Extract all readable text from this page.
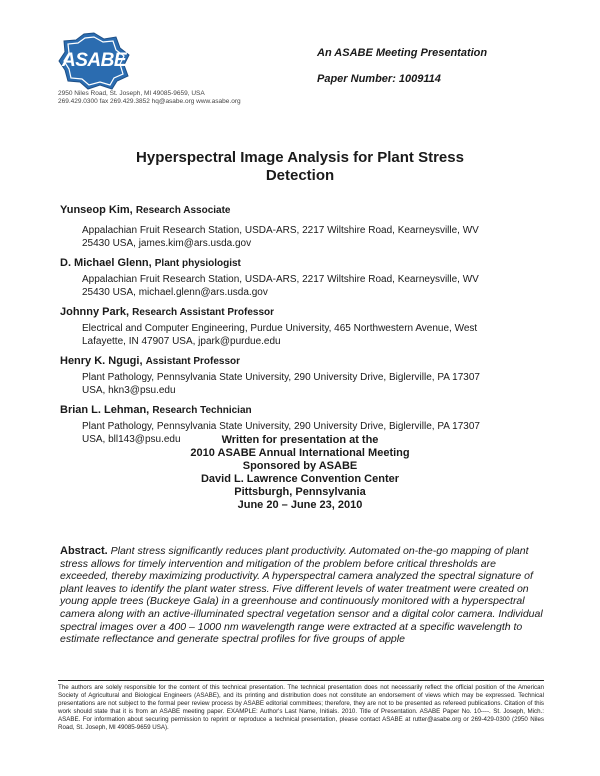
ASABE
2950 Niles Road, St. Joseph, MI 49085-9659, USA
269.429.0300 fax 269.429.3852 hq@asabe.org www.asabe.org
An ASABE Meeting Presentation
Paper Number: 1009114
Hyperspectral Image Analysis for Plant Stress
Detection
Yunseop Kim, Research Associate
Appalachian Fruit Research Station, USDA-ARS, 2217 Wiltshire Road, Kearneysville, WV
25430 USA, james.kim@ars.usda.gov
D. Michael Glenn, Plant physiologist
Appalachian Fruit Research Station, USDA-ARS, 2217 Wiltshire Road, Kearneysville, WV
25430 USA, michael.glenn@ars.usda.gov
Johnny Park, Research Assistant Professor
Electrical and Computer Engineering, Purdue University, 465 Northwestern Avenue, West
Lafayette, IN 47907 USA, jpark@purdue.edu
Henry K. Ngugi, Assistant Professor
Plant Pathology, Pennsylvania State University, 290 University Drive, Biglerville, PA 17307
USA, hkn3@psu.edu
Brian L. Lehman, Research Technician
Plant Pathology, Pennsylvania State University, 290 University Drive, Biglerville, PA 17307
USA, bll143@psu.edu	Written for presentation at the
2010 ASABE Annual International Meeting
Sponsored by ASABE
David L. Lawrence Convention Center
Pittsburgh, Pennsylvania
June 20 – June 23, 2010
Abstract. Plant stress significantly reduces plant productivity. Automated on-the-go mapping of plant stress allows for timely intervention and mitigation of the problem before critical thresholds are exceeded, thereby maximizing productivity. A hyperspectral camera analyzed the spectral signature of plant leaves to identify the plant water stress. Five different levels of water treatment were created on young apple trees (Buckeye Gala) in a greenhouse and continuously monitored with a hyperspectral camera along with an active-illuminated spectral vegetation sensor and a digital color camera. Individual spectral images over a 400 – 1000 nm wavelength range were extracted at a specific wavelength to estimate reflectance and generate spectral profiles for five groups of apple
The authors are solely responsible for the content of this technical presentation. The technical presentation does not necessarily reflect the official position of the American Society of Agricultural and Biological Engineers (ASABE), and its printing and distribution does not constitute an endorsement of views which may be expressed. Technical presentations are not subject to the formal peer review process by ASABE editorial committees; therefore, they are not to be presented as refereed publications. Citation of this work should state that it is from an ASABE meeting paper. EXAMPLE: Author's Last Name, Initials. 2010. Title of Presentation. ASABE Paper No. 10----. St. Joseph, Mich.: ASABE. For information about securing permission to reprint or reproduce a technical presentation, please contact ASABE at rutter@asabe.org or 269-429-0300 (2950 Niles Road, St. Joseph, MI 49085-9659 USA).
